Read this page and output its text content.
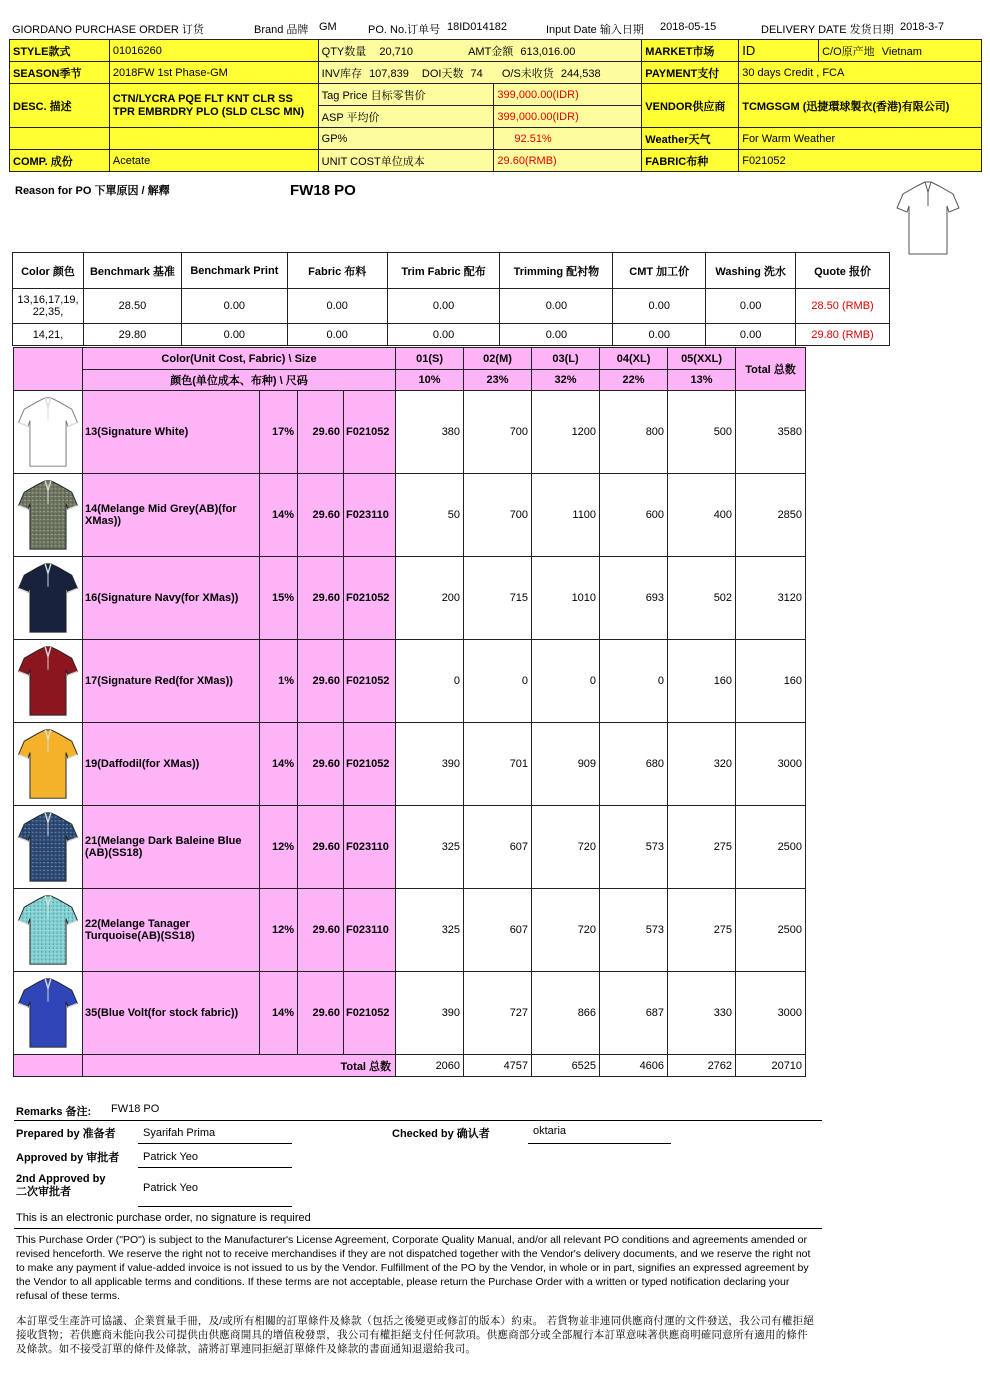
GIORDANO PURCHASE ORDER 订货	Brand 品牌 GM	PO. No.订单号 18ID014182	Input Date 输入日期 2018-05-15	DELIVERY DATE 发货日期 2018-3-7
STYLE款式	01016260	QTY数量 20,710 AMT金额 613,016.00		MARKET市场	ID	C/O原产地 Vietnam
SEASON季节	2018FW 1st Phase-GM	INV库存 107,839 DOI天数 74 O/S未收货 244,538		PAYMENT支付	30 days Credit , FCA	
DESC. 描述	CTN/LYCRA PQE FLT KNT CLR SS TPR EMBRDRY PLO (SLD CLSC MN)	Tag Price 目标零售价	399,000.00(IDR)	VENDOR供应商	TCMGSGM (迅捷環球製衣(香港)有限公司)	
		ASP 平均价	399,000.00(IDR)			
		GP%	92.51%	Weather天气	For Warm Weather	
COMP. 成份	Acetate	UNIT COST单位成本	29.60(RMB)	FABRIC布种	F021052	
Reason for PO 下單原因 / 解釋	FW18 PO
Color 颜色	Benchmark 基准	Benchmark Print	Fabric 布料	Trim Fabric 配布	Trimming 配衬物	CMT 加工价	Washing 洗水	Quote 报价
13,16,17,19, 22,35,	28.50	0.00	0.00	0.00	0.00	0.00	0.00	28.50 (RMB)
14,21,	29.80	0.00	0.00	0.00	0.00	0.00	0.00	29.80 (RMB)
	Color(Unit Cost, Fabric) \ Size				01(S)	02(M)	03(L)	04(XL)	05(XXL)	Total 总数
	颜色(单位成本、布种) \ 尺码				10%	23%	32%	22%	13%	

	13(Signature White)	17%	29.60	F021052	380	700	1200	800	500	3580

	14(Melange Mid Grey(AB)(for XMas))	14%	29.60	F023110	50	700	1100	600	400	2850

	16(Signature Navy(for XMas))	15%	29.60	F021052	200	715	1010	693	502	3120

	17(Signature Red(for XMas))	1%	29.60	F021052	0	0	0	0	160	160

	19(Daffodil(for XMas))	14%	29.60	F021052	390	701	909	680	320	3000

	21(Melange Dark Baleine Blue (AB)(SS18)	12%	29.60	F023110	325	607	720	573	275	2500

	22(Melange Tanager Turquoise(AB)(SS18)	12%	29.60	F023110	325	607	720	573	275	2500

	35(Blue Volt(for stock fabric))	14%	29.60	F021052	390	727	866	687	330	3000
	Total 总数				2060	4757	6525	4606	2762	20710
Remarks 备注: FW18 PO
Prepared by 准备者 Syarifah Prima	Checked by 确认者	oktaria
Approved by 审批者 Patrick Yeo
2nd Approved by
二次审批者	Patrick Yeo
This is an electronic purchase order, no signature is required
This Purchase Order ("PO") is subject to the Manufacturer's License Agreement, Corporate Quality Manual, and/or all relevant PO conditions and agreements amended or revised henceforth. We reserve the right not to receive merchandises if they are not dispatched together with the Vendor's delivery documents, and we reserve the right not to make any payment if value-added invoice is not issued to us by the Vendor. Fulfillment of the PO by the Vendor, in whole or in part, signifies an expressed agreement by the Vendor to all applicable terms and conditions. If these terms are not acceptable, please return the Purchase Order with a written or typed notification declaring your refusal of these terms.
本訂單受生產許可協議、企業質量手冊，及/或所有相關的訂單條件及條款（包括之後變更或修訂的版本）約束。 若貨物並非連同供應商付運的文件發送，我公司有權拒絕接收貨物；若供應商未能向我公司提供由供應商開具的增值稅發票，我公司有權拒絕支付任何款項。供應商部分或全部履行本訂單意味著供應商明確同意所有適用的條件及條款。如不接受訂單的條件及條款，請將訂單連同拒絕訂單條件及條款的書面通知退還給我司。
